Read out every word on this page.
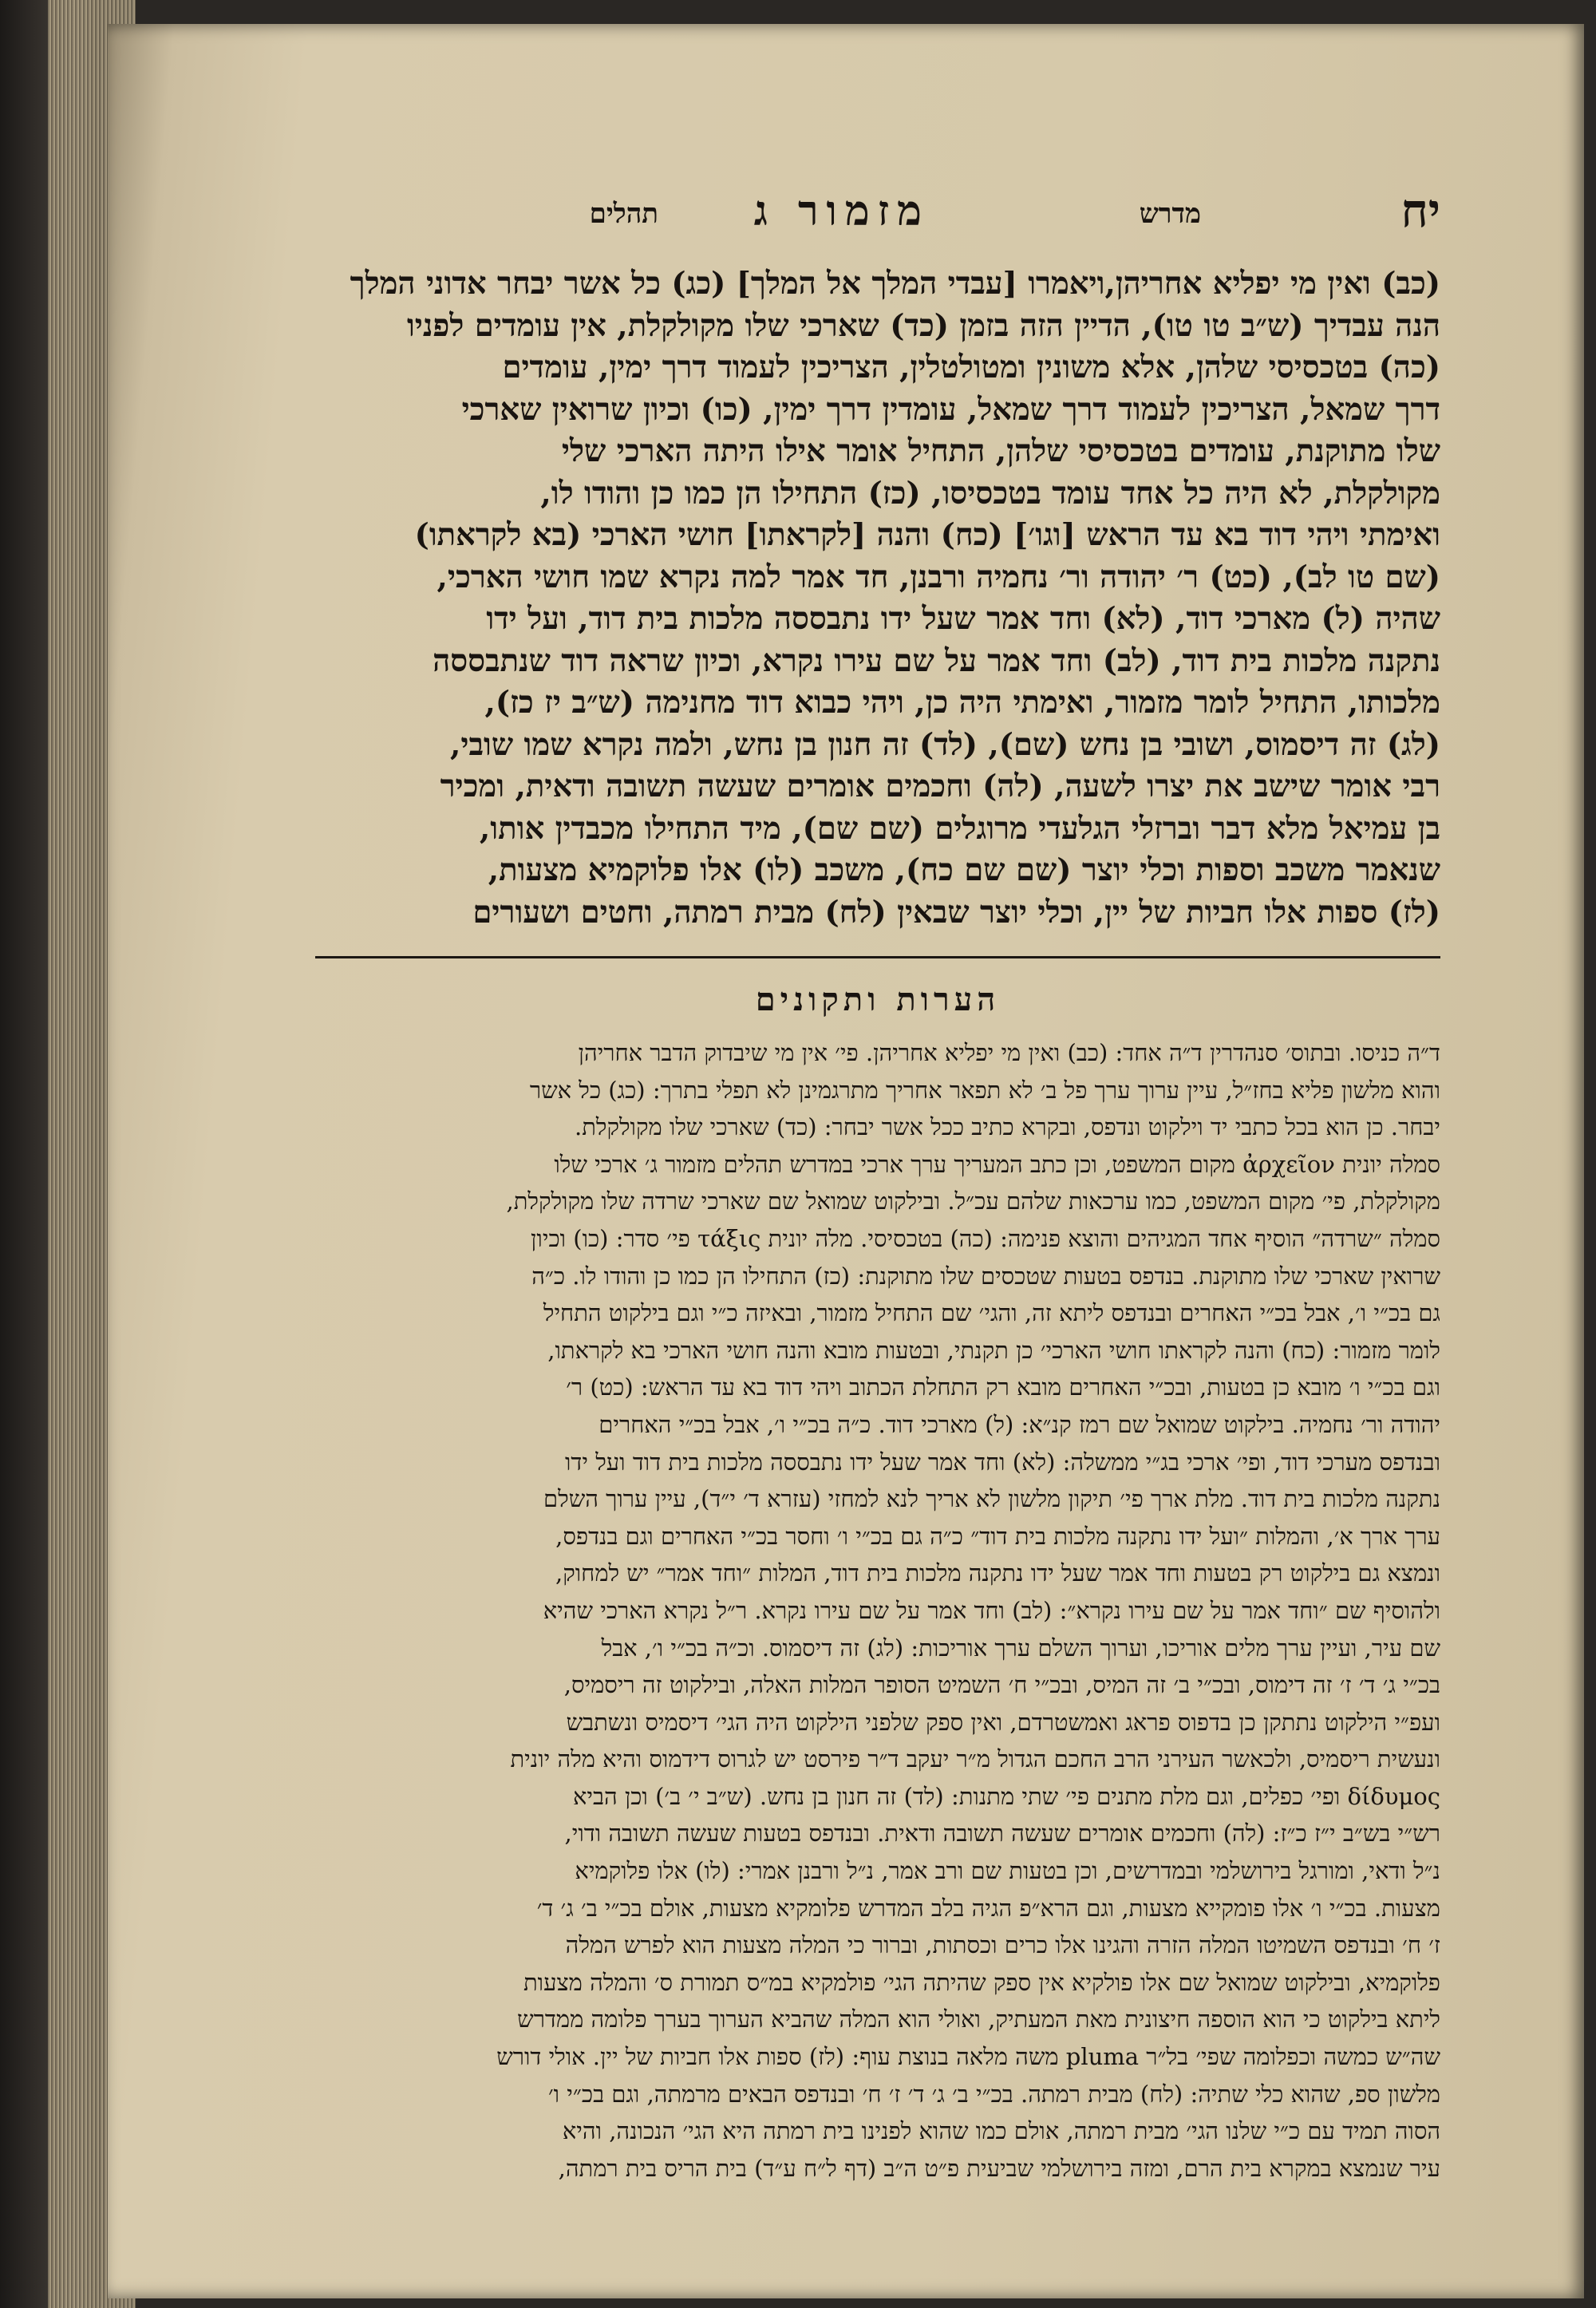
יח
מדרש
מזמור ג
תהלים
(כב) ואין מי יפליא אחריהן,ויאמרו [עבדי המלך אל המלך] (כג) כל אשר יבחר אדוני המלך
הנה עבדיך (ש״ב טו טו), הדיין הזה בזמן (כד) שארכי שלו מקולקלת, אין עומדים לפניו
(כה) בטכסיסי שלהן, אלא משונין ומטולטלין, הצריכין לעמוד דרך ימין, עומדים
דרך שמאל, הצריכין לעמוד דרך שמאל, עומדין דרך ימין, (כו) וכיון שרואין שארכי
שלו מתוקנת, עומדים בטכסיסי שלהן, התחיל אומר אילו היתה הארכי שלי
מקולקלת, לא היה כל אחד עומד בטכסיסו, (כז) התחילו הן כמו כן והודו לו,
ואימתי ויהי דוד בא עד הראש [וגו׳] (כח) והנה [לקראתו] חושי הארכי (בא לקראתו)
(שם טו לב), (כט) ר׳ יהודה ור׳ נחמיה ורבנן, חד אמר למה נקרא שמו חושי הארכי,
שהיה (ל) מארכי דוד, (לא) וחד אמר שעל ידו נתבססה מלכות בית דוד, ועל ידו
נתקנה מלכות בית דוד, (לב) וחד אמר על שם עירו נקרא, וכיון שראה דוד שנתבססה
מלכותו, התחיל לומר מזמור, ואימתי היה כן, ויהי כבוא דוד מחנימה (ש״ב יז כז),
(לג) זה דיסמוס, ושובי בן נחש (שם), (לד) זה חנון בן נחש, ולמה נקרא שמו שובי,
רבי אומר שישב את יצרו לשעה, (לה) וחכמים אומרים שעשה תשובה ודאית, ומכיר
בן עמיאל מלא דבר וברזלי הגלעדי מרוגלים (שם שם), מיד התחילו מכבדין אותו,
שנאמר משכב וספות וכלי יוצר (שם שם כח), משכב (לו) אלו פלוקמיא מצעות,
(לז) ספות אלו חביות של יין, וכלי יוצר שבאין (לח) מבית רמתה, וחטים ושעורים
הערות ותקונים
ד״ה כניסו. ובתוס׳ סנהדרין ד״ה אחד: (כב) ואין מי יפליא אחריהן. פי׳ אין מי שיבדוק הדבר אחריהן
והוא מלשון פליא בחז״ל, עיין ערוך ערך פל ב׳ לא תפאר אחריך מתרגמינן לא תפלי בתרך: (כג) כל אשר
יבחר. כן הוא בכל כתבי יד וילקוט ונדפס, ובקרא כתיב ככל אשר יבחר: (כד) שארכי שלו מקולקלת.
סמלה יונית ἀρχεῖον מקום המשפט, וכן כתב המעריך ערך ארכי במדרש תהלים מזמור ג׳ ארכי שלו
מקולקלת, פי׳ מקום המשפט, כמו ערכאות שלהם עכ״ל. ובילקוט שמואל שם שארכי שרדה שלו מקולקלת,
סמלה ״שרדה״ הוסיף אחד המגיהים והוצא פנימה: (כה) בטכסיסי. מלה יונית τάξις פי׳ סדר: (כו) וכיון
שרואין שארכי שלו מתוקנת. בנדפס בטעות שטכסים שלו מתוקנת: (כז) התחילו הן כמו כן והודו לו. כ״ה
גם בכ״י ו׳, אבל בכ״י האחרים ובנדפס ליתא זה, והגי׳ שם התחיל מזמור, ובאיזה כ״י וגם בילקוט התחיל
לומר מזמור: (כח) והנה לקראתו חושי הארכי׳ כן תקנתי, ובטעות מובא והנה חושי הארכי בא לקראתו,
וגם בכ״י ו׳ מובא כן בטעות, ובכ״י האחרים מובא רק התחלת הכתוב ויהי דוד בא עד הראש: (כט) ר׳
יהודה ור׳ נחמיה. בילקוט שמואל שם רמז קנ״א: (ל) מארכי דוד. כ״ה בכ״י ו׳, אבל בכ״י האחרים
ובנדפס מערכי דוד, ופי׳ ארכי בג״י ממשלה: (לא) וחד אמר שעל ידו נתבססה מלכות בית דוד ועל ידו
נתקנה מלכות בית דוד. מלת ארך פי׳ תיקון מלשון לא אריך לנא למחזי (עזרא ד׳ י״ד), עיין ערוך השלם
ערך ארך א׳, והמלות ״ועל ידו נתקנה מלכות בית דוד״ כ״ה גם בכ״י ו׳ וחסר בכ״י האחרים וגם בנדפס,
ונמצא גם בילקוט רק בטעות וחד אמר שעל ידו נתקנה מלכות בית דוד, המלות ״וחד אמר״ יש למחוק,
ולהוסיף שם ״וחד אמר על שם עירו נקרא״: (לב) וחד אמר על שם עירו נקרא. ר״ל נקרא הארכי שהיא
שם עיר, ועיין ערך מלים אוריכו, וערוך השלם ערך אוריכות: (לג) זה דיסמוס. וכ״ה בכ״י ו׳, אבל
בכ״י ג׳ ד׳ ז׳ זה דימוס, ובכ״י ב׳ זה המיס, ובכ״י ח׳ השמיט הסופר המלות האלה, ובילקוט זה ריסמיס,
ועפ״י הילקוט נתתקן כן בדפוס פראג ואמשטרדם, ואין ספק שלפני הילקוט היה הגי׳ דיסמיס ונשתבש
ונעשית ריסמיס, ולכאשר העירני הרב החכם הגדול מ״ר יעקב ד״ר פירסט יש לגרוס דידמוס והיא מלה יונית
δίδυμος ופי׳ כפלים, וגם מלת מתנים פי׳ שתי מתנות: (לד) זה חנון בן נחש. (ש״ב י׳ ב׳) וכן הביא
רש״י בש״ב י״ז כ״ז: (לה) וחכמים אומרים שעשה תשובה ודאית. ובנדפס בטעות שעשה תשובה ודוי,
נ״ל ודאי, ומורגל בירושלמי ובמדרשים, וכן בטעות שם ורב אמר, נ״ל ורבנן אמרי: (לו) אלו פלוקמיא
מצעות. בכ״י ו׳ אלו פומקייא מצעות, וגם הרא״פ הגיה בלב המדרש פלומקיא מצעות, אולם בכ״י ב׳ ג׳ ד׳
ז׳ ח׳ ובנדפס השמיטו המלה הזרה והגינו אלו כרים וכסתות, וברור כי המלה מצעות הוא לפרש המלה
פלוקמיא, ובילקוט שמואל שם אלו פולקיא אין ספק שהיתה הגי׳ פולמקיא במ״ס תמורת ס׳ והמלה מצעות
ליתא בילקוט כי הוא הוספה חיצונית מאת המעתיק, ואולי הוא המלה שהביא הערוך בערך פלומה ממדרש
שה״ש כמשה וכפלומה שפי׳ בל״ר pluma משה מלאה בנוצת עוף: (לז) ספות אלו חביות של יין. אולי דורש
מלשון ספ, שהוא כלי שתיה: (לח) מבית רמתה. בכ״י ב׳ ג׳ ד׳ ז׳ ח׳ ובנדפס הבאים מרמתה, וגם בכ״י ו׳
הסוה תמיד עם כ״י שלנו הגי׳ מבית רמתה, אולם כמו שהוא לפנינו בית רמתה היא הגי׳ הנכונה, והיא
עיר שנמצא במקרא בית הרם, ומזה בירושלמי שביעית פ״ט ה״ב (דף ל״ח ע״ד) בית הריס בית רמתה,
